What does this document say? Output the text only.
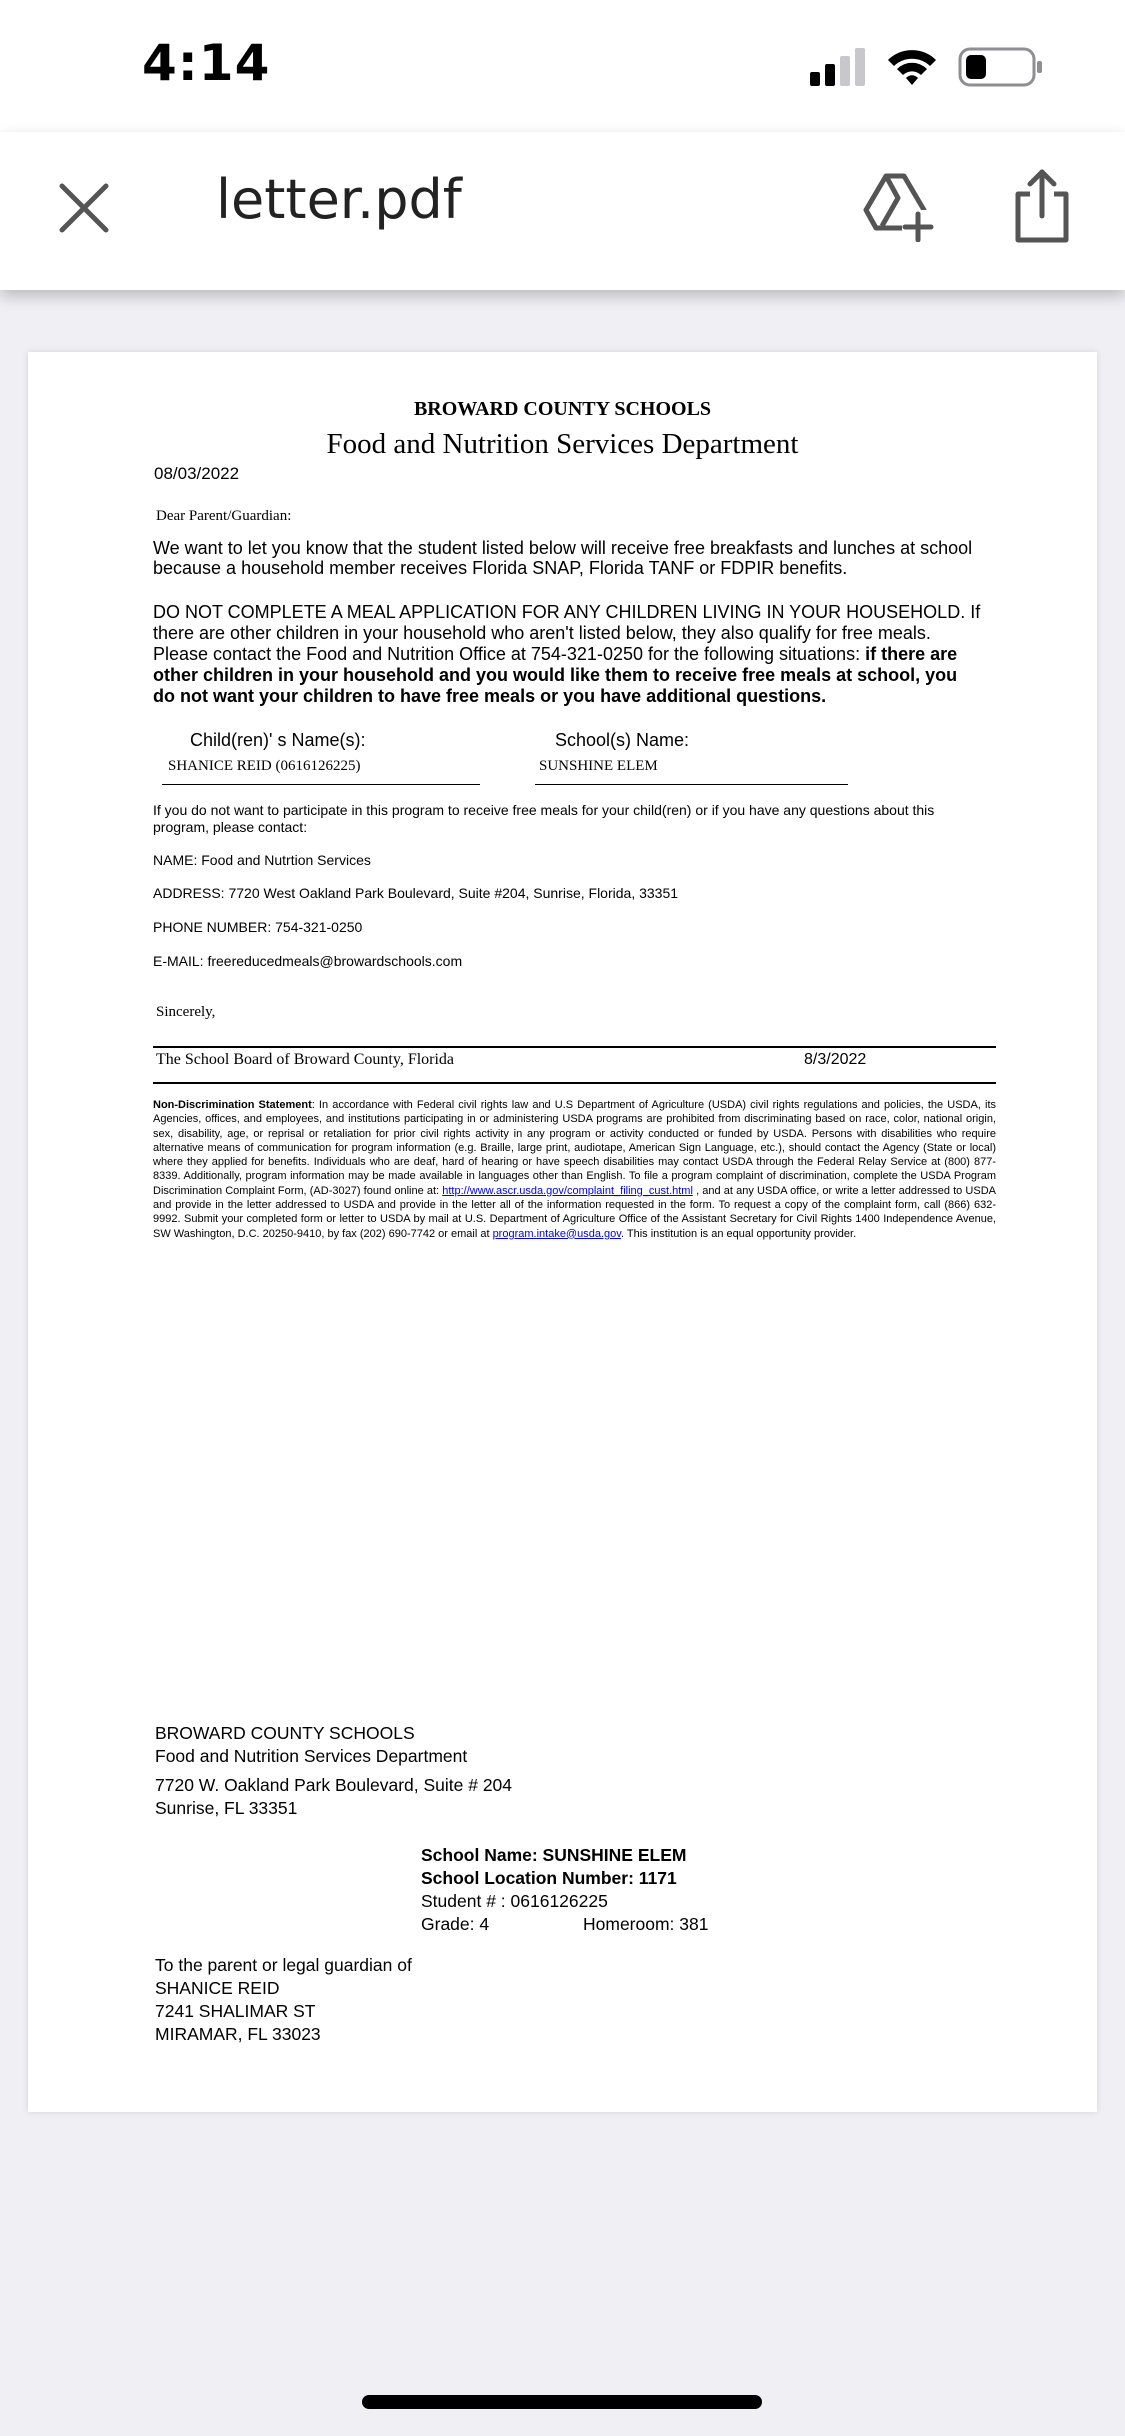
4:14
letter.pdf
BROWARD COUNTY SCHOOLS
Food and Nutrition Services Department
08/03/2022
Dear Parent/Guardian:
We want to let you know that the student listed below will receive free breakfasts and lunches at school because a household member receives Florida SNAP, Florida TANF or FDPIR benefits.
DO NOT COMPLETE A MEAL APPLICATION FOR ANY CHILDREN LIVING IN YOUR HOUSEHOLD. If there are other children in your household who aren't listed below, they also qualify for free meals. Please contact the Food and Nutrition Office at 754-321-0250 for the following situations: if there are other children in your household and you would like them to receive free meals at school, you do not want your children to have free meals or you have additional questions.
Child(ren)' s Name(s):
SHANICE REID (0616126225)
School(s) Name:
SUNSHINE ELEM
If you do not want to participate in this program to receive free meals for your child(ren) or if you have any questions about this program, please contact:
NAME: Food and Nutrtion Services
ADDRESS: 7720 West Oakland Park Boulevard, Suite #204, Sunrise, Florida, 33351
PHONE NUMBER: 754-321-0250
E-MAIL: freereducedmeals@browardschools.com
Sincerely,
The School Board of Broward County, Florida	8/3/2022
Non-Discrimination Statement: In accordance with Federal civil rights law and U.S Department of Agriculture (USDA) civil rights regulations and policies, the USDA, its Agencies, offices, and employees, and institutions participating in or administering USDA programs are prohibited from discriminating based on race, color, national origin, sex, disability, age, or reprisal or retaliation for prior civil rights activity in any program or activity conducted or funded by USDA. Persons with disabilities who require alternative means of communication for program information (e.g. Braille, large print, audiotape, American Sign Language, etc.), should contact the Agency (State or local) where they applied for benefits. Individuals who are deaf, hard of hearing or have speech disabilities may contact USDA through the Federal Relay Service at (800) 877-8339. Additionally, program information may be made available in languages other than English. To file a program complaint of discrimination, complete the USDA Program Discrimination Complaint Form, (AD-3027) found online at: http://www.ascr.usda.gov/complaint_filing_cust.html , and at any USDA office, or write a letter addressed to USDA and provide in the letter addressed to USDA and provide in the letter all of the information requested in the form. To request a copy of the complaint form, call (866) 632-9992. Submit your completed form or letter to USDA by mail at U.S. Department of Agriculture Office of the Assistant Secretary for Civil Rights 1400 Independence Avenue, SW Washington, D.C. 20250-9410, by fax (202) 690-7742 or email at program.intake@usda.gov. This institution is an equal opportunity provider.
BROWARD COUNTY SCHOOLS
Food and Nutrition Services Department
7720 W. Oakland Park Boulevard, Suite # 204
Sunrise, FL 33351
School Name: SUNSHINE ELEM
School Location Number: 1171
Student # : 0616126225
Grade: 4	Homeroom: 381
To the parent or legal guardian of
SHANICE REID
7241 SHALIMAR ST
MIRAMAR, FL 33023
